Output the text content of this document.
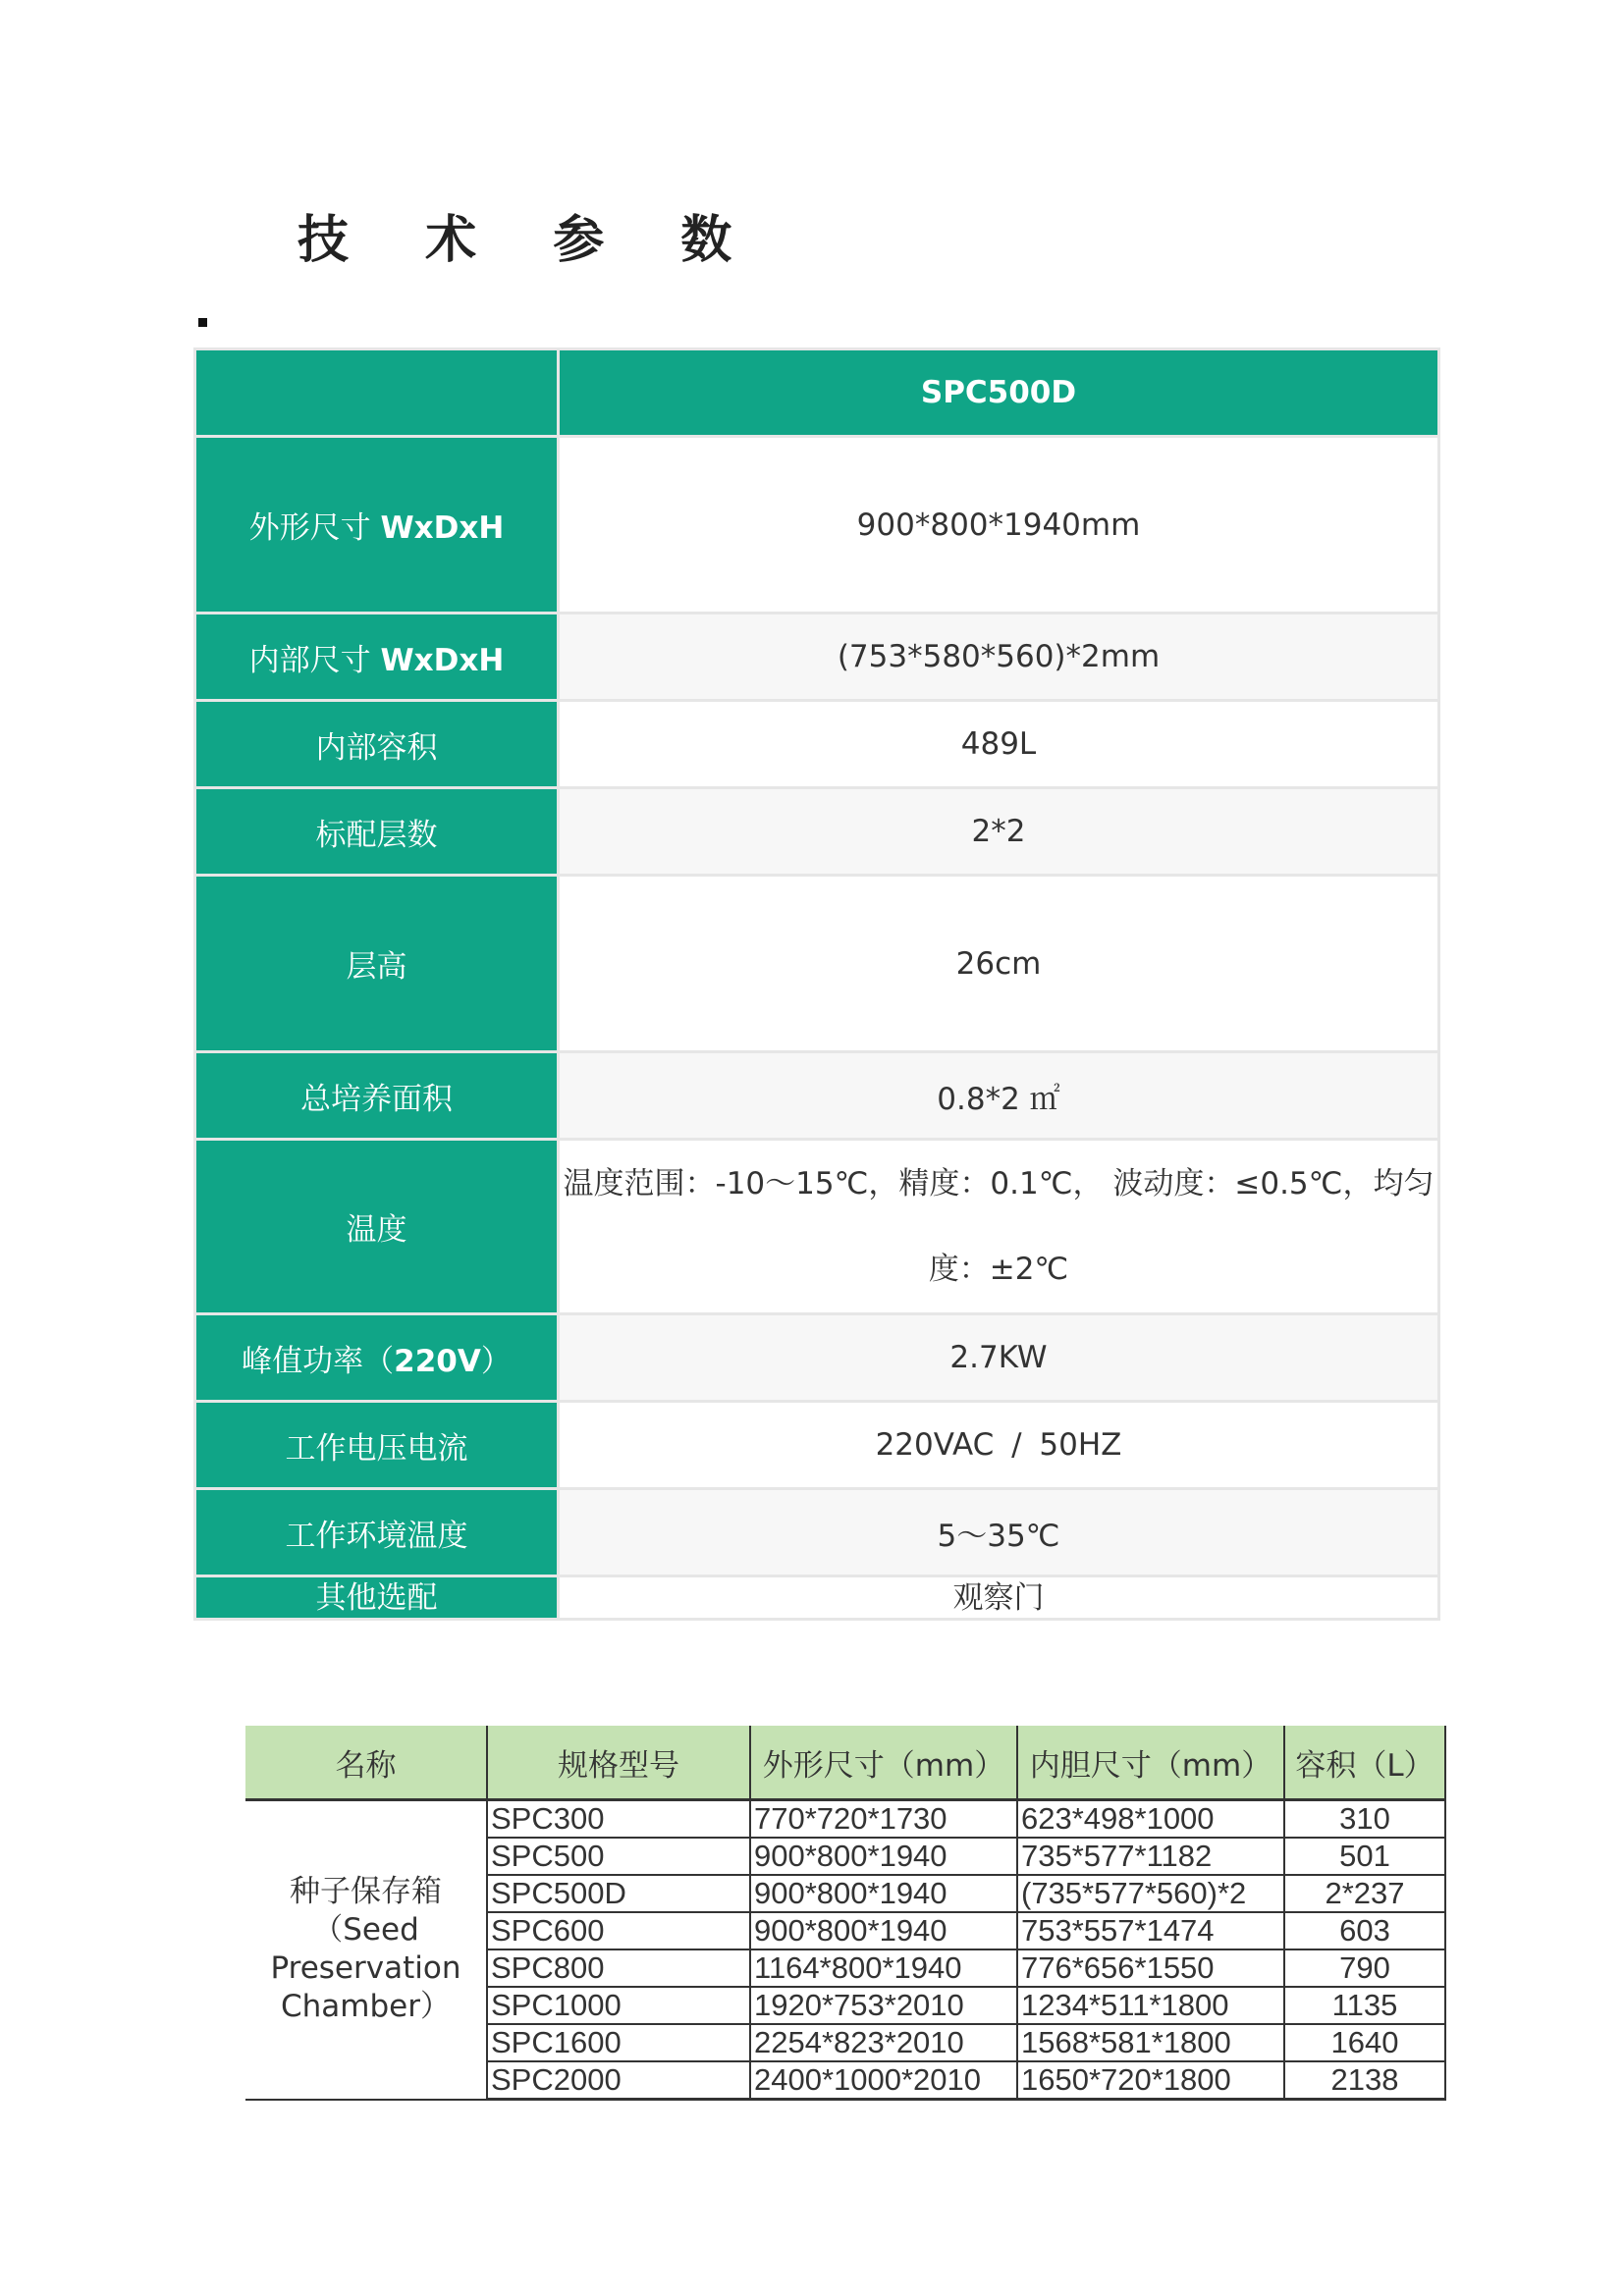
技 术 参 数
	SPC500D
外形尺寸 WxDxH	900*800*1940mm
内部尺寸 WxDxH	(753*580*560)*2mm
内部容积	489L
标配层数	2*2
层高	26cm
总培养面积	0.8*2 ㎡
温度	温度范围：-10～15℃，精度：0.1℃， 波动度：≤0.5℃，均匀
度：±2℃

峰值功率（220V）	2.7KW
工作电压电流	220VAC / 50HZ
工作环境温度	5～35℃
其他选配	观察门
名称	规格型号	外形尺寸（mm）	内胆尺寸（mm）	容积（L）

种子保存箱
（Seed
Preservation
Chamber）	SPC300	770*720*1730	623*498*1000	310
	SPC500	900*800*1940	735*577*1182	501
	SPC500D	900*800*1940	(735*577*560)*2	2*237
	SPC600	900*800*1940	753*557*1474	603
	SPC800	1164*800*1940	776*656*1550	790
	SPC1000	1920*753*2010	1234*511*1800	1135
	SPC1600	2254*823*2010	1568*581*1800	1640
	SPC2000	2400*1000*2010	1650*720*1800	2138
